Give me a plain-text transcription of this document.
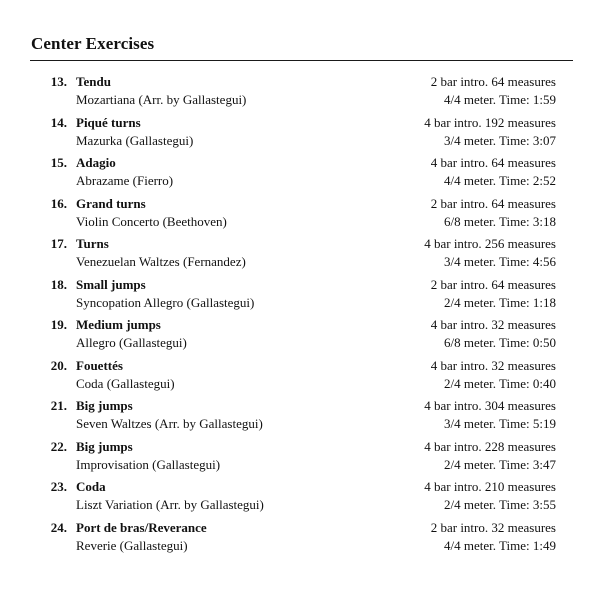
Center Exercises
13. Tendu
Mozartiana (Arr. by Gallastegui)
2 bar intro. 64 measures
4/4 meter. Time: 1:59
14. Piqué turns
Mazurka (Gallastegui)
4 bar intro. 192 measures
3/4 meter. Time: 3:07
15. Adagio
Abrazame (Fierro)
4 bar intro. 64 measures
4/4 meter. Time: 2:52
16. Grand turns
Violin Concerto (Beethoven)
2 bar intro. 64 measures
6/8 meter. Time: 3:18
17. Turns
Venezuelan Waltzes (Fernandez)
4 bar intro. 256 measures
3/4 meter. Time: 4:56
18. Small jumps
Syncopation Allegro (Gallastegui)
2 bar intro. 64 measures
2/4 meter. Time: 1:18
19. Medium jumps
Allegro (Gallastegui)
4 bar intro. 32 measures
6/8 meter. Time: 0:50
20. Fouettés
Coda (Gallastegui)
4 bar intro. 32 measures
2/4 meter. Time: 0:40
21. Big jumps
Seven Waltzes (Arr. by Gallastegui)
4 bar intro. 304 measures
3/4 meter. Time: 5:19
22. Big jumps
Improvisation (Gallastegui)
4 bar intro. 228 measures
2/4 meter. Time: 3:47
23. Coda
Liszt Variation (Arr. by Gallastegui)
4 bar intro. 210 measures
2/4 meter. Time: 3:55
24. Port de bras/Reverance
Reverie (Gallastegui)
2 bar intro. 32 measures
4/4 meter. Time: 1:49
